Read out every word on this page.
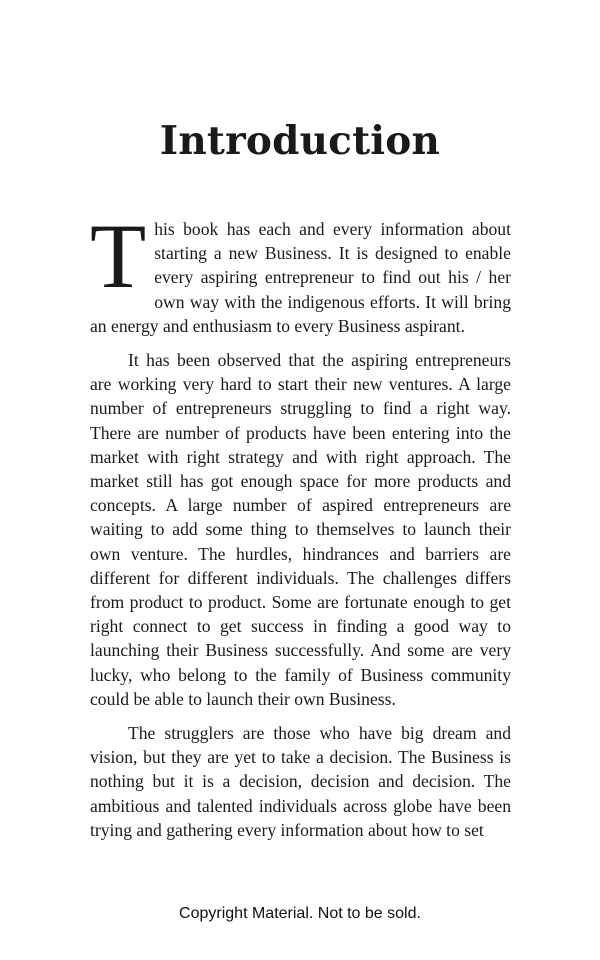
Introduction

This book has each and every information about starting a new Business. It is designed to enable every aspiring entrepreneur to find out his / her own way with the indigenous efforts. It will bring an energy and enthusiasm to every Business aspirant.

It has been observed that the aspiring entrepreneurs are working very hard to start their new ventures. A large number of entrepreneurs struggling to find a right way. There are number of products have been entering into the market with right strategy and with right approach. The market still has got enough space for more products and concepts. A large number of aspired entrepreneurs are waiting to add some thing to themselves to launch their own venture. The hurdles, hindrances and barriers are different for different individuals. The challenges differs from product to product. Some are fortunate enough to get right connect to get success in finding a good way to launching their Business successfully. And some are very lucky, who belong to the family of Business community could be able to launch their own Business.

The strugglers are those who have big dream and vision, but they are yet to take a decision. The Business is nothing but it is a decision, decision and decision. The ambitious and talented individuals across globe have been trying and gathering every information about how to set

Copyright Material. Not to be sold.
